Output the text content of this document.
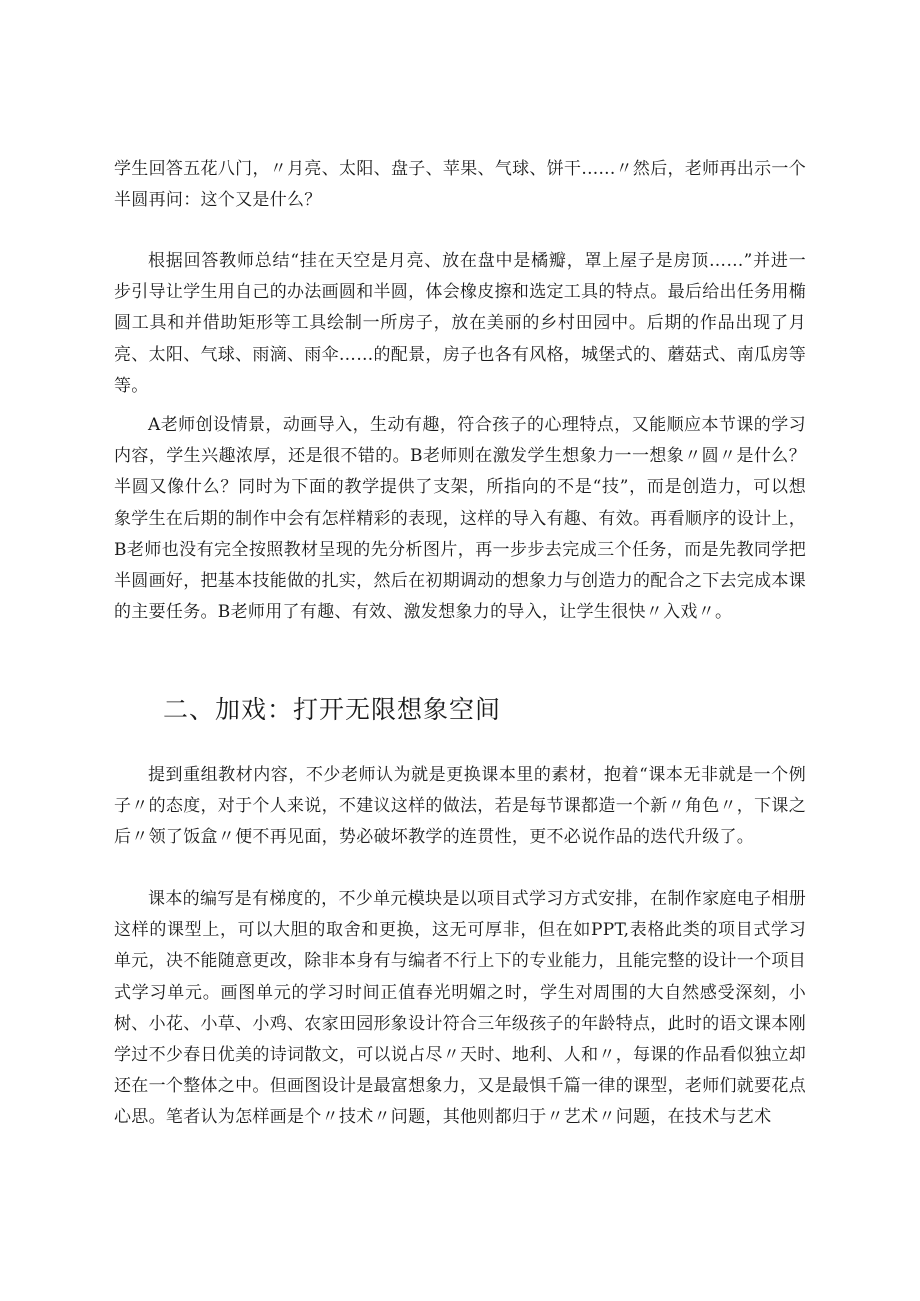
学生回答五花八门，〃月亮、太阳、盘子、苹果、气球、饼干......〃然后，老师再出示一个半圆再问：这个又是什么？

根据回答教师总结“挂在天空是月亮、放在盘中是橘瓣，罩上屋子是房顶……”并进一步引导让学生用自己的办法画圆和半圆，体会橡皮擦和选定工具的特点。最后给出任务用椭圆工具和并借助矩形等工具绘制一所房子，放在美丽的乡村田园中。后期的作品出现了月亮、太阳、气球、雨滴、雨伞……的配景，房子也各有风格，城堡式的、蘑菇式、南瓜房等等。

A老师创设情景，动画导入，生动有趣，符合孩子的心理特点，又能顺应本节课的学习内容，学生兴趣浓厚，还是很不错的。B老师则在激发学生想象力一一想象〃圆〃是什么？半圆又像什么？同时为下面的教学提供了支架，所指向的不是“技”，而是创造力，可以想象学生在后期的制作中会有怎样精彩的表现，这样的导入有趣、有效。再看顺序的设计上，B老师也没有完全按照教材呈现的先分析图片，再一步步去完成三个任务，而是先教同学把半圆画好，把基本技能做的扎实，然后在初期调动的想象力与创造力的配合之下去完成本课的主要任务。B老师用了有趣、有效、激发想象力的导入，让学生很快〃入戏〃。

二、加戏：打开无限想象空间

提到重组教材内容，不少老师认为就是更换课本里的素材，抱着“课本无非就是一个例子〃的态度，对于个人来说，不建议这样的做法，若是每节课都造一个新〃角色〃，下课之后〃领了饭盒〃便不再见面，势必破坏教学的连贯性，更不必说作品的迭代升级了。

课本的编写是有梯度的，不少单元模块是以项目式学习方式安排，在制作家庭电子相册这样的课型上，可以大胆的取舍和更换，这无可厚非，但在如PPT,表格此类的项目式学习单元，决不能随意更改，除非本身有与编者不行上下的专业能力，且能完整的设计一个项目式学习单元。画图单元的学习时间正值春光明媚之时，学生对周围的大自然感受深刻，小树、小花、小草、小鸡、农家田园形象设计符合三年级孩子的年龄特点，此时的语文课本刚学过不少春日优美的诗词散文，可以说占尽〃天时、地利、人和〃，每课的作品看似独立却还在一个整体之中。但画图设计是最富想象力，又是最惧千篇一律的课型，老师们就要花点心思。笔者认为怎样画是个〃技术〃问题，其他则都归于〃艺术〃问题，在技术与艺术
